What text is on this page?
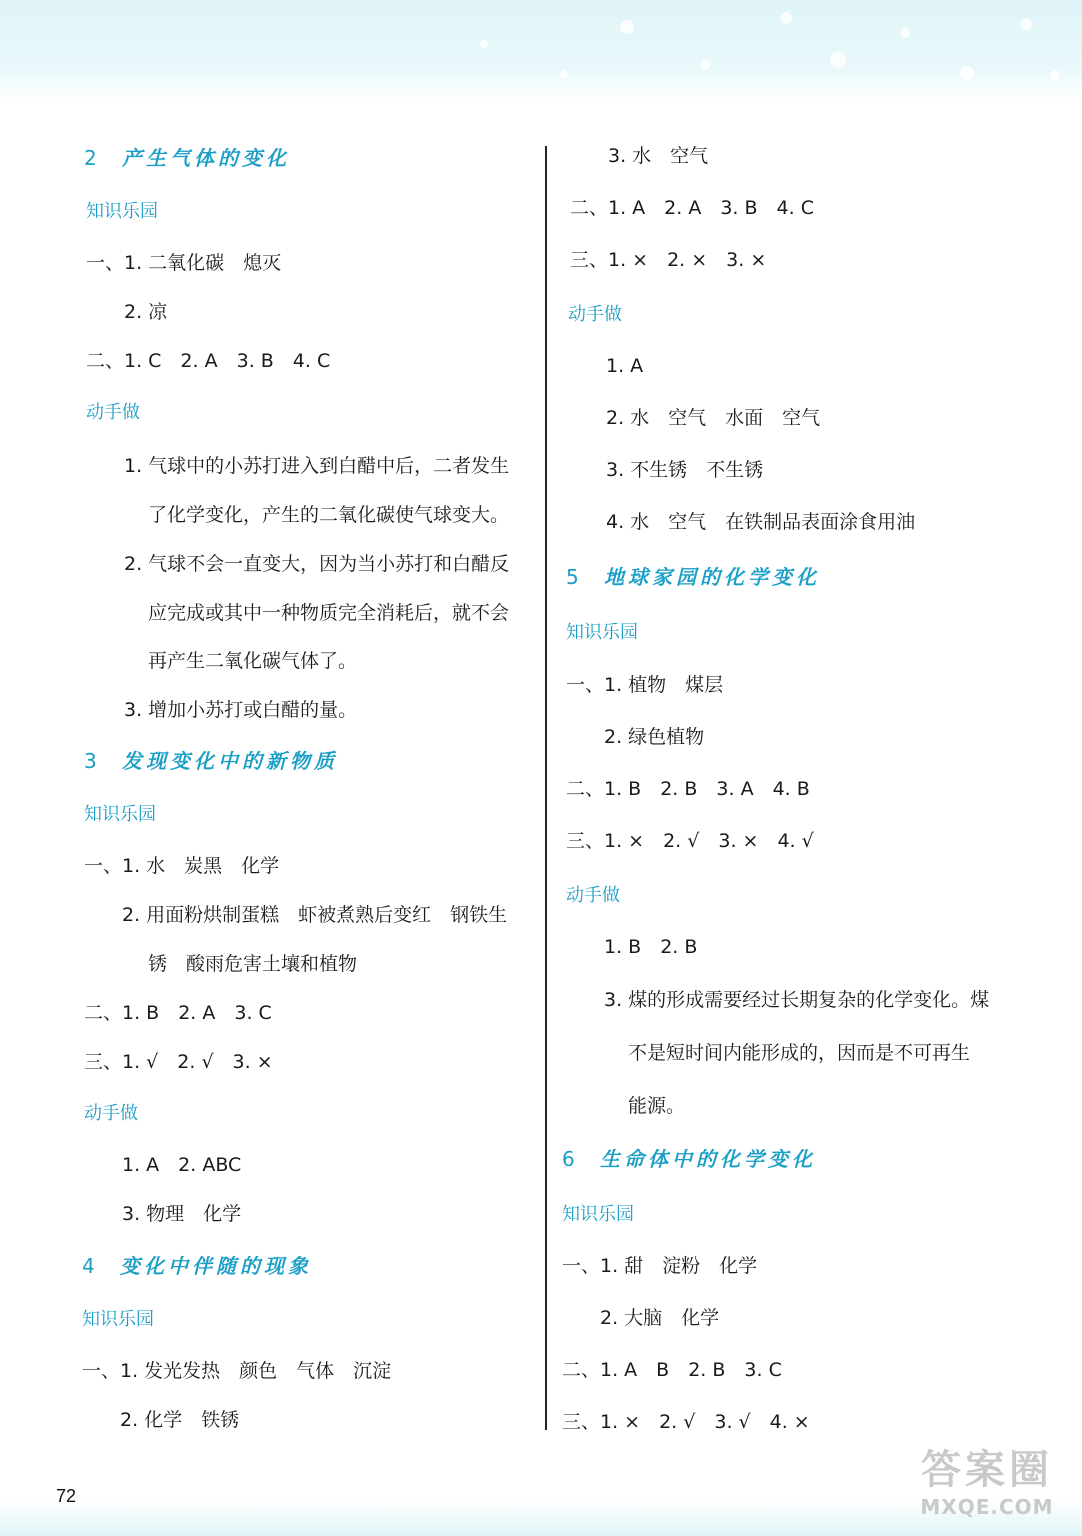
2 产生气体的变化
知识乐园
一、1. 二氧化碳　熄灭
2. 凉
二、1. C　2. A　3. B　4. C
动手做
1. 气球中的小苏打进入到白醋中后，二者发生
了化学变化，产生的二氧化碳使气球变大。
2. 气球不会一直变大，因为当小苏打和白醋反
应完成或其中一种物质完全消耗后，就不会
再产生二氧化碳气体了。
3. 增加小苏打或白醋的量。
3 发现变化中的新物质
知识乐园
一、1. 水　炭黑　化学
2. 用面粉烘制蛋糕　虾被煮熟后变红　钢铁生
锈　酸雨危害土壤和植物
二、1. B　2. A　3. C
三、1. √　2. √　3. ×
动手做
1. A　2. ABC
3. 物理　化学
4 变化中伴随的现象
知识乐园
一、1. 发光发热　颜色　气体　沉淀
2. 化学　铁锈
3. 水　空气
二、1. A　2. A　3. B　4. C
三、1. ×　2. ×　3. ×
动手做
1. A
2. 水　空气　水面　空气
3. 不生锈　不生锈
4. 水　空气　在铁制品表面涂食用油
5 地球家园的化学变化
知识乐园
一、1. 植物　煤层
2. 绿色植物
二、1. B　2. B　3. A　4. B
三、1. ×　2. √　3. ×　4. √
动手做
1. B　2. B
3. 煤的形成需要经过长期复杂的化学变化。煤
不是短时间内能形成的，因而是不可再生
能源。
6 生命体中的化学变化
知识乐园
一、1. 甜　淀粉　化学
2. 大脑　化学
二、1. A　B　2. B　3. C
三、1. ×　2. √　3. √　4. ×
72
答案圈
MXQE.COM
